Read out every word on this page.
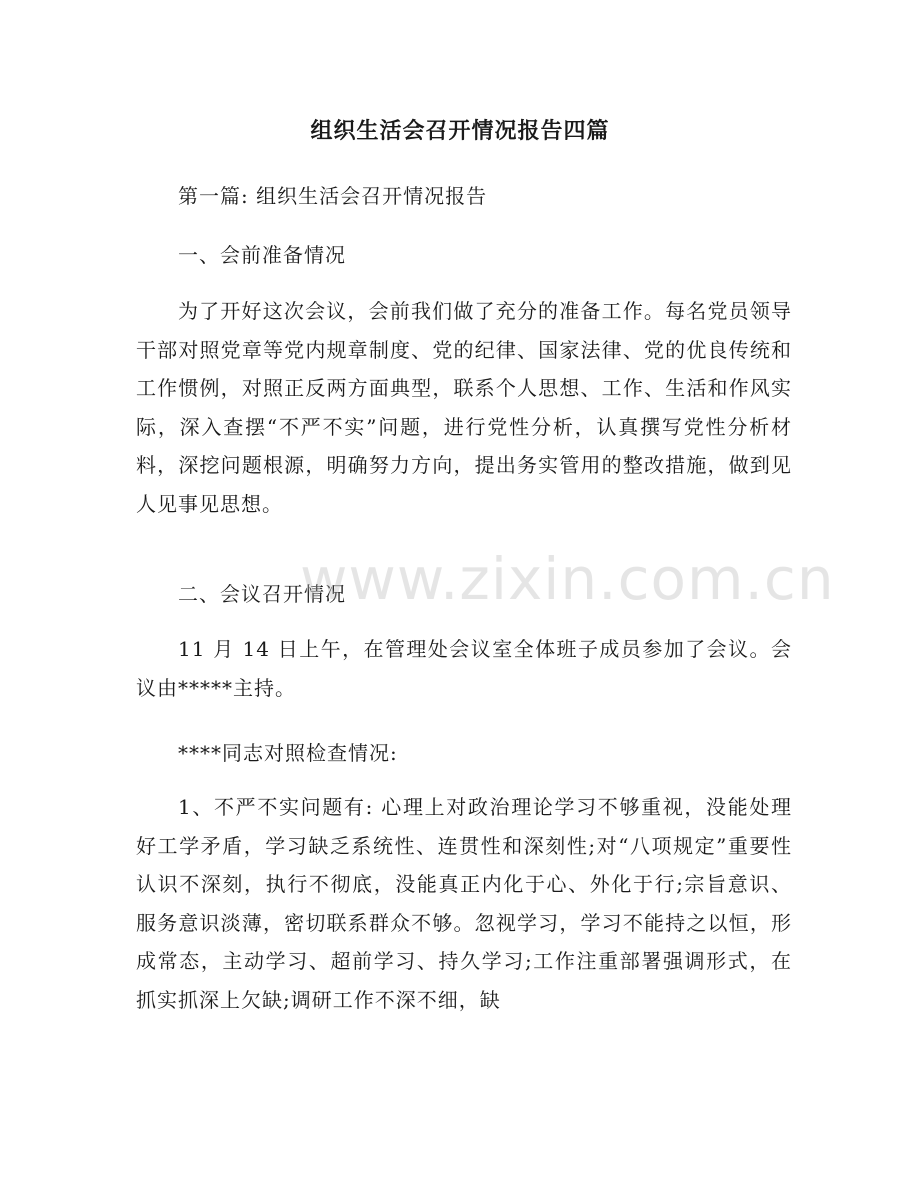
组织生活会召开情况报告四篇
第一篇: 组织生活会召开情况报告
一、会前准备情况

为了开好这次会议，会前我们做了充分的准备工作。每名党员领导干部对照党章等党内规章制度、党的纪律、国家法律、党的优良传统和工作惯例，对照正反两方面典型，联系个人思想、工作、生活和作风实际，深入查摆“不严不实”问题，进行党性分析，认真撰写党性分析材料，深挖问题根源，明确努力方向，提出务实管用的整改措施，做到见人见事见思想。

二、会议召开情况

11 月 14 日上午，在管理处会议室全体班子成员参加了会议。会议由*****主持。

****同志对照检查情况:

1、不严不实问题有: 心理上对政治理论学习不够重视，没能处理好工学矛盾，学习缺乏系统性、连贯性和深刻性;对“八项规定”重要性认识不深刻，执行不彻底，没能真正内化于心、外化于行;宗旨意识、服务意识淡薄，密切联系群众不够。忽视学习，学习不能持之以恒，形成常态，主动学习、超前学习、持久学习;工作注重部署强调形式，在抓实抓深上欠缺;调研工作不深不细，缺

www.zixin.com.cn
